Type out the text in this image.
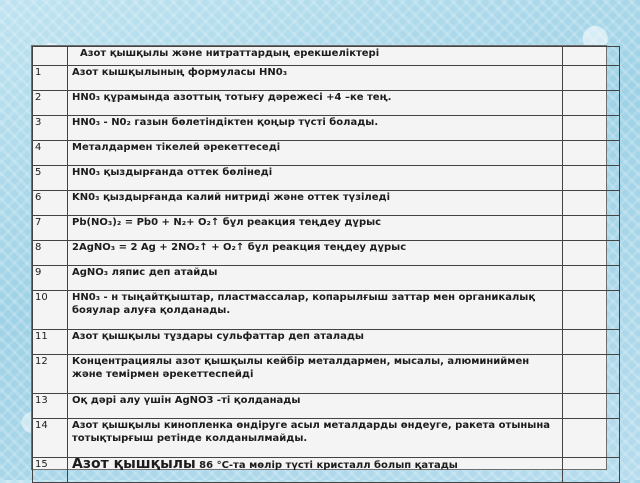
	Азот қышқылы және нитраттардың ерекшеліктері	
1	Азот кышқылының формуласы HN0₃	
2	HN0₃ құрамында азоттың тотығу дәрежесі +4 –ке тең.	
3	HN0₃ - N0₂ газын бөлетіндіктен қоңыр түсті болады.	
4	Металдармен тікелей әрекеттеседі	
5	HN0₃ қыздырғанда оттек бөлінеді	
6	KN0₃ қыздырғанда калий нитриді және оттек түзіледі	
7	Pb(NO₃)₂ = Pb0 + N₂+ O₂↑ бұл реакция теңдеу дұрыс	
8	2AgNO₃ = 2 Ag + 2NO₂↑ + O₂↑ бұл реакция теңдеу дұрыс	
9	AgNO₃ ляпис деп атайды	
10	HN0₃ - н тыңайтқыштар, пластмассалар, копарылғыш заттар мен органикалық бояулар алуға қолданады.	
11	Азот қышқылы тұздары сульфаттар деп аталады	
12	Концентрациялы азот қышқылы кейбір металдармен, мысалы, алюминиймен және темірмен әрекеттеспейді	
13	Оқ дәрі алу үшін AgNO3 -ті қолданады	
14	Азот қышқылы кинопленка өндіруге асыл металдарды өндеуге, ракета отынына тотықтырғыш ретінде колданылмайды.	
15	Азот қышқылы 86 °С-та мөлір түсті кристалл болып қатады	
